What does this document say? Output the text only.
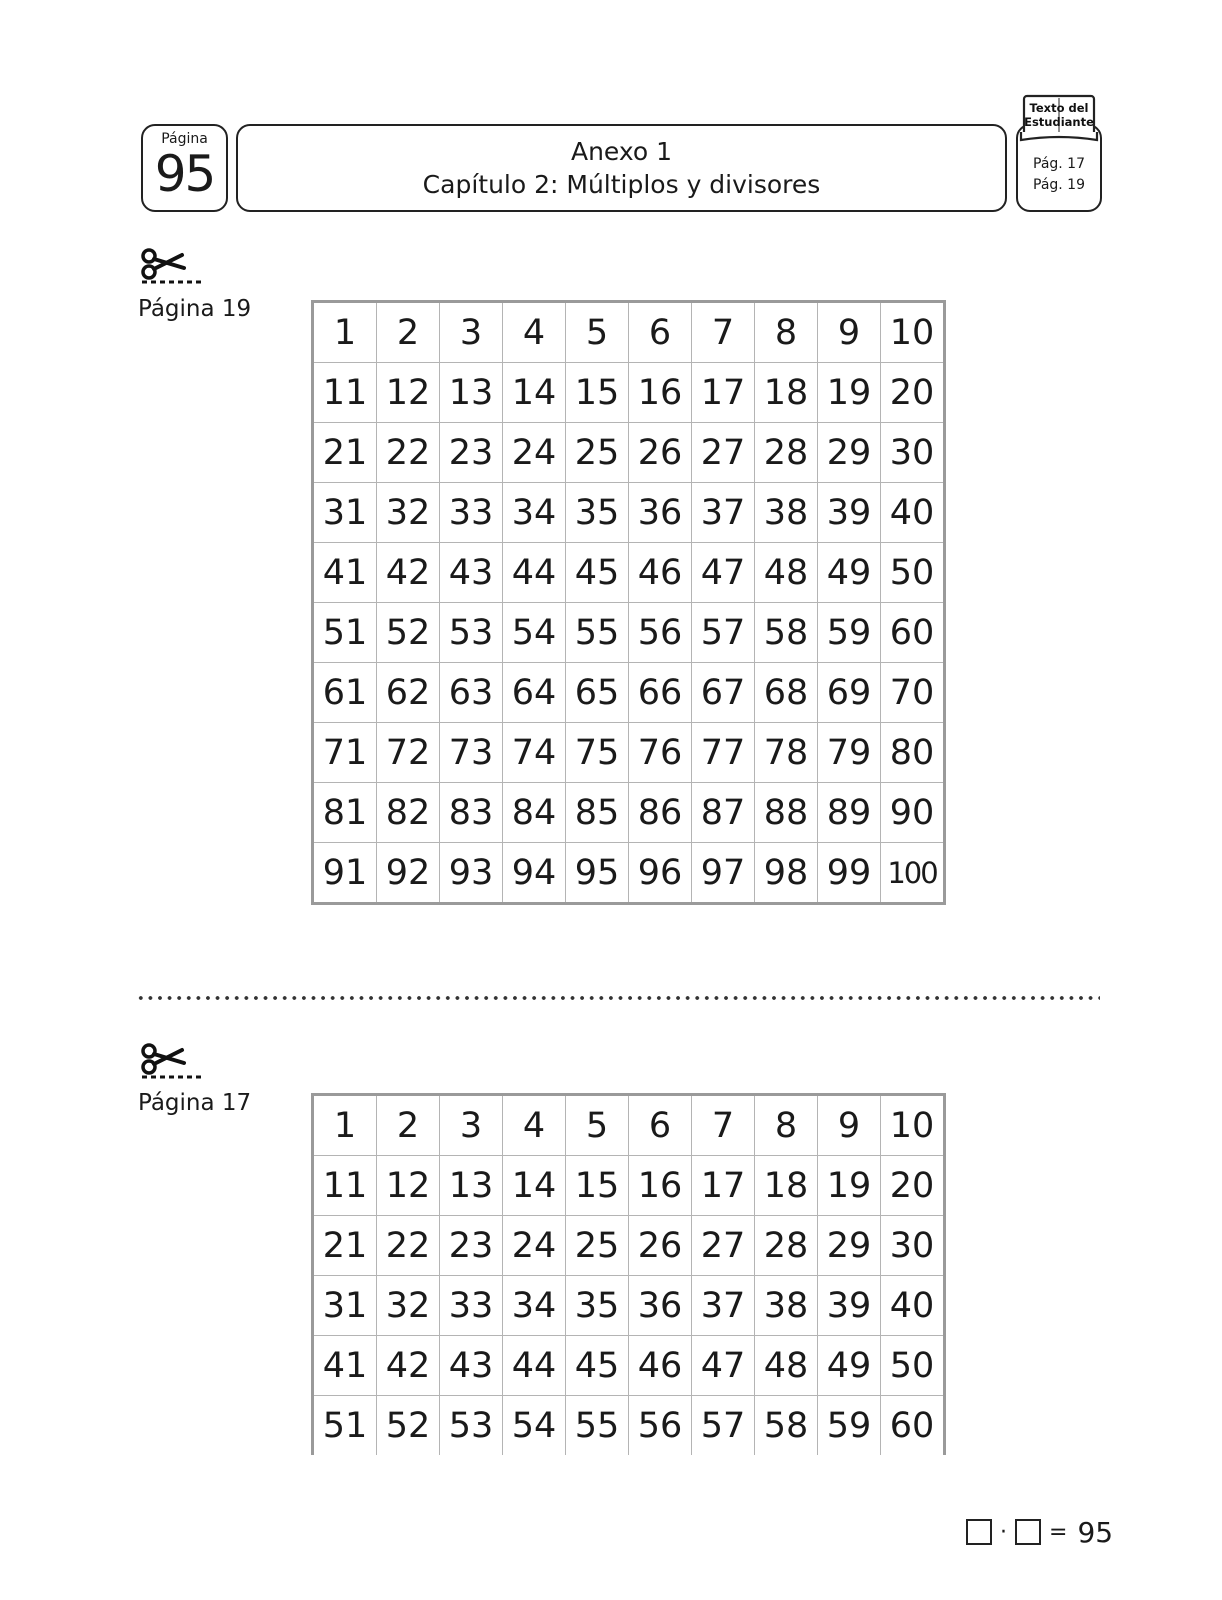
Página
95	Anexo 1
Capítulo 2: Múltiplos y divisores
Pág. 17
Pág. 19
Texto del
Estudiante
Página 19
1	2	3	4	5	6	7	8	9	10
11	12	13	14	15	16	17	18	19	20
21	22	23	24	25	26	27	28	29	30
31	32	33	34	35	36	37	38	39	40
41	42	43	44	45	46	47	48	49	50
51	52	53	54	55	56	57	58	59	60
61	62	63	64	65	66	67	68	69	70
71	72	73	74	75	76	77	78	79	80
81	82	83	84	85	86	87	88	89	90
91	92	93	94	95	96	97	98	99	100
Página 17
1	2	3	4	5	6	7	8	9	10
11	12	13	14	15	16	17	18	19	20
21	22	23	24	25	26	27	28	29	30
31	32	33	34	35	36	37	38	39	40
41	42	43	44	45	46	47	48	49	50
51	52	53	54	55	56	57	58	59	60
· = 95
